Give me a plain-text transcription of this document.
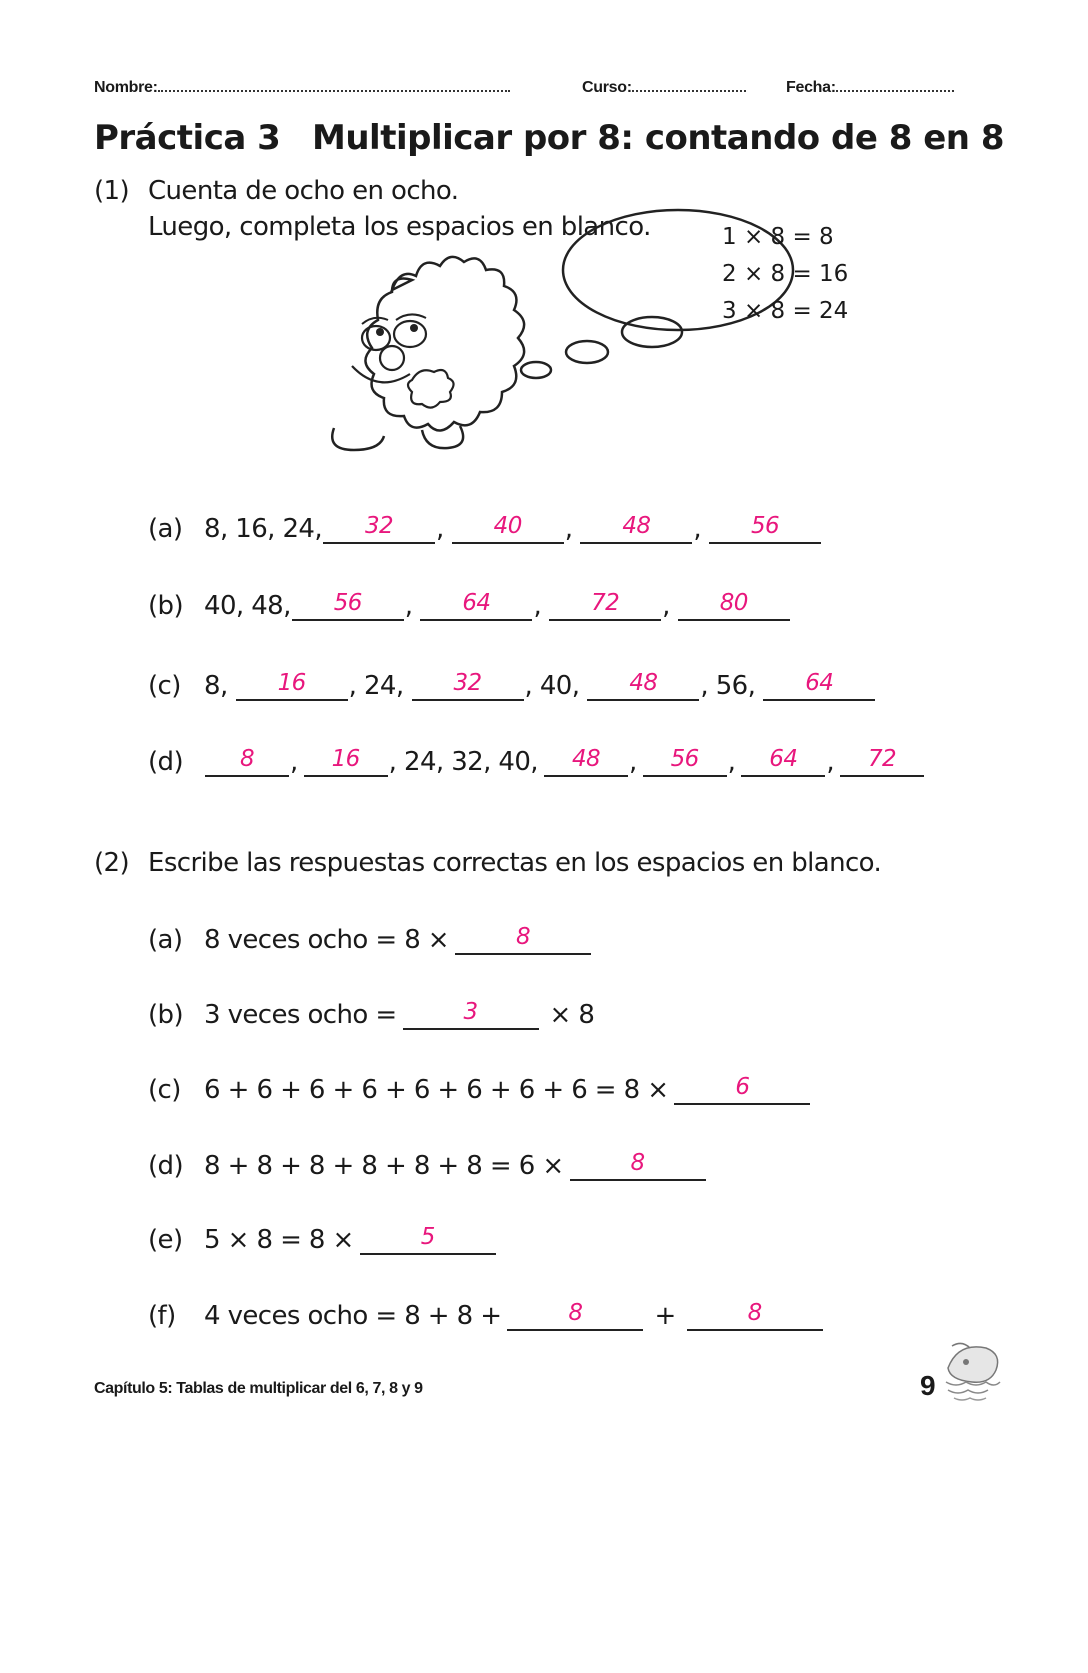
Nombre:	Curso:	Fecha:
Práctica 3 Multiplicar por 8: contando de 8 en 8
(1) Cuenta de ocho en ocho.
Luego, completa los espacios en blanco.	1 × 8 = 8
2 × 8 = 16
3 × 8 = 24
(a) 8, 16, 24,	32	,	40	,	48	,	56
(b) 40, 48,	56	,	64	,	72	,	80
(c) 8,	16	, 24,	32	, 40,	48	, 56,	64
(d)	8	,	16	, 24, 32, 40,	48	,	56	,	64	,	72
(2) Escribe las respuestas correctas en los espacios en blanco.
(a) 8 veces ocho = 8 ×	8
(b) 3 veces ocho =	3	× 8
(c) 6 + 6 + 6 + 6 + 6 + 6 + 6 + 6 = 8 ×	6
(d) 8 + 8 + 8 + 8 + 8 + 8 = 6 ×	8
(e) 5 × 8 = 8 ×	5
(f)	4 veces ocho = 8 + 8 +	8	+	8
Capítulo 5: Tablas de multiplicar del 6, 7, 8 y 9	9
